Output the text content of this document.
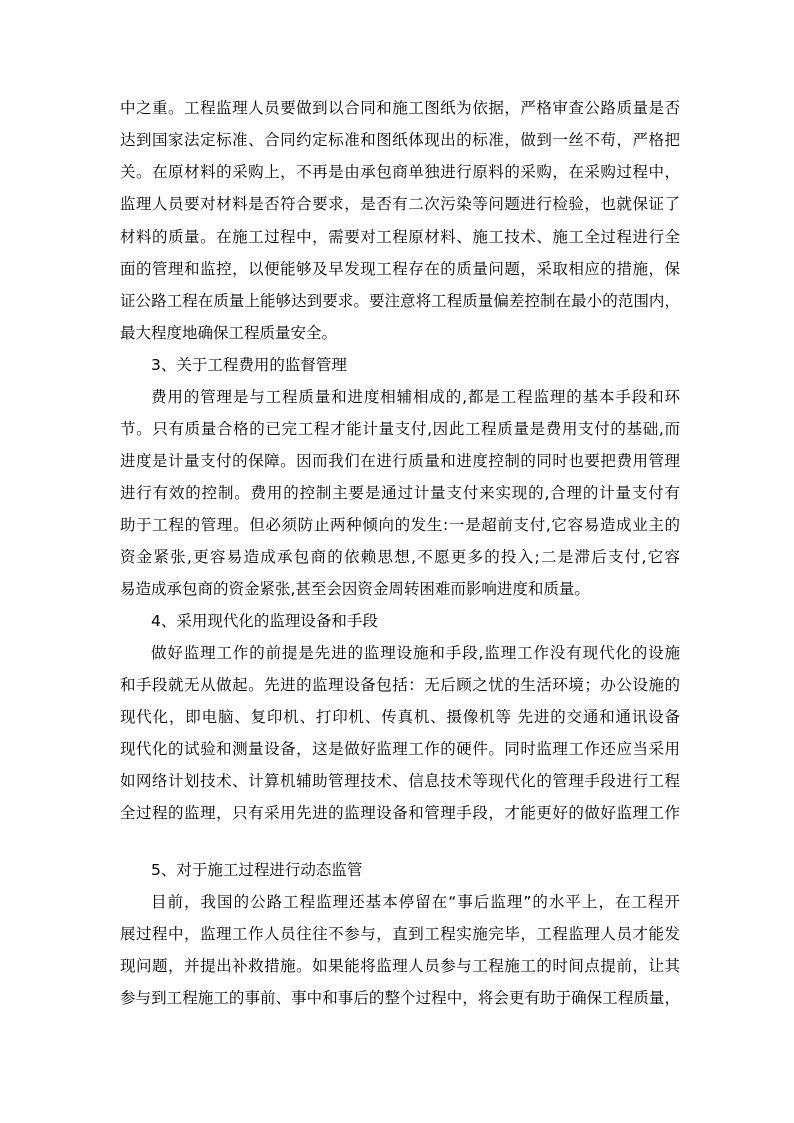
中之重。工程监理人员要做到以合同和施工图纸为依据，严格审查公路质量是否
达到国家法定标准、合同约定标准和图纸体现出的标准，做到一丝不苟，严格把
关。在原材料的采购上，不再是由承包商单独进行原料的采购，在采购过程中，
监理人员要对材料是否符合要求，是否有二次污染等问题进行检验，也就保证了
材料的质量。在施工过程中，需要对工程原材料、施工技术、施工全过程进行全
面的管理和监控，以便能够及早发现工程存在的质量问题，采取相应的措施，保
证公路工程在质量上能够达到要求。要注意将工程质量偏差控制在最小的范围内，
最大程度地确保工程质量安全。
3、关于工程费用的监督管理
费用的管理是与工程质量和进度相辅相成的,都是工程监理的基本手段和环
节。只有质量合格的已完工程才能计量支付,因此工程质量是费用支付的基础,而
进度是计量支付的保障。因而我们在进行质量和进度控制的同时也要把费用管理
进行有效的控制。费用的控制主要是通过计量支付来实现的,合理的计量支付有
助于工程的管理。但必须防止两种倾向的发生:一是超前支付,它容易造成业主的
资金紧张,更容易造成承包商的依赖思想,不愿更多的投入;二是滞后支付,它容
易造成承包商的资金紧张,甚至会因资金周转困难而影响进度和质量。
4、采用现代化的监理设备和手段
做好监理工作的前提是先进的监理设施和手段,监理工作没有现代化的设施
和手段就无从做起。先进的监理设备包括：无后顾之忧的生活环境；办公设施的
现代化，即电脑、复印机、打印机、传真机、摄像机等 先进的交通和通讯设备
现代化的试验和测量设备，这是做好监理工作的硬件。同时监理工作还应当采用
如网络计划技术、计算机辅助管理技术、信息技术等现代化的管理手段进行工程
全过程的监理，只有采用先进的监理设备和管理手段，才能更好的做好监理工作
5、对于施工过程进行动态监管
目前，我国的公路工程监理还基本停留在“事后监理”的水平上，在工程开
展过程中，监理工作人员往往不参与，直到工程实施完毕，工程监理人员才能发
现问题，并提出补救措施。如果能将监理人员参与工程施工的时间点提前，让其
参与到工程施工的事前、事中和事后的整个过程中，将会更有助于确保工程质量，
